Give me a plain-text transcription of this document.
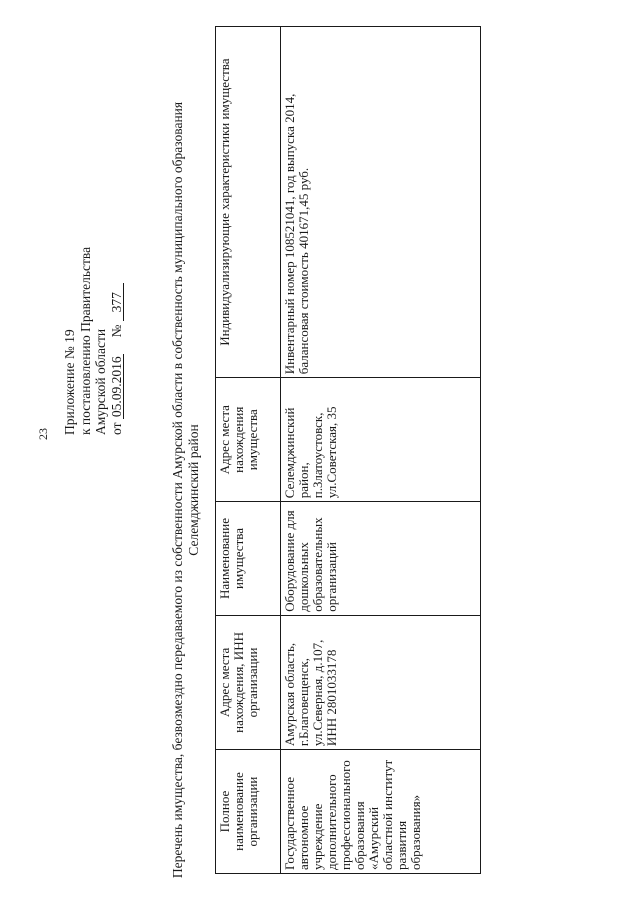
23 Приложение № 19 к постановлению Правительства Амурской области от 05.09.2016     № 377	Перечень имущества, безвозмездно передаваемого из собственности Амурской области в собственность муниципального образования Селемджинский район
Полное наименование организации	Адрес места нахождения, ИНН организации	Наименование имущества	Адрес места нахождения имущества	Индивидуализирующие характеристики имущества
Государственное автономное учреждение дополнительного профессионального образования «Амурский областной институт развития образования»	Амурская область, г.Благовещенск, ул.Северная, д.107, ИНН 2801033178	Оборудование для дошкольных образовательных организаций	Селемджинский район, п.Златоустовск, ул.Советская, 35	Инвентарный номер 108521041, год выпуска 2014, балансовая стоимость 401671,45 руб.
